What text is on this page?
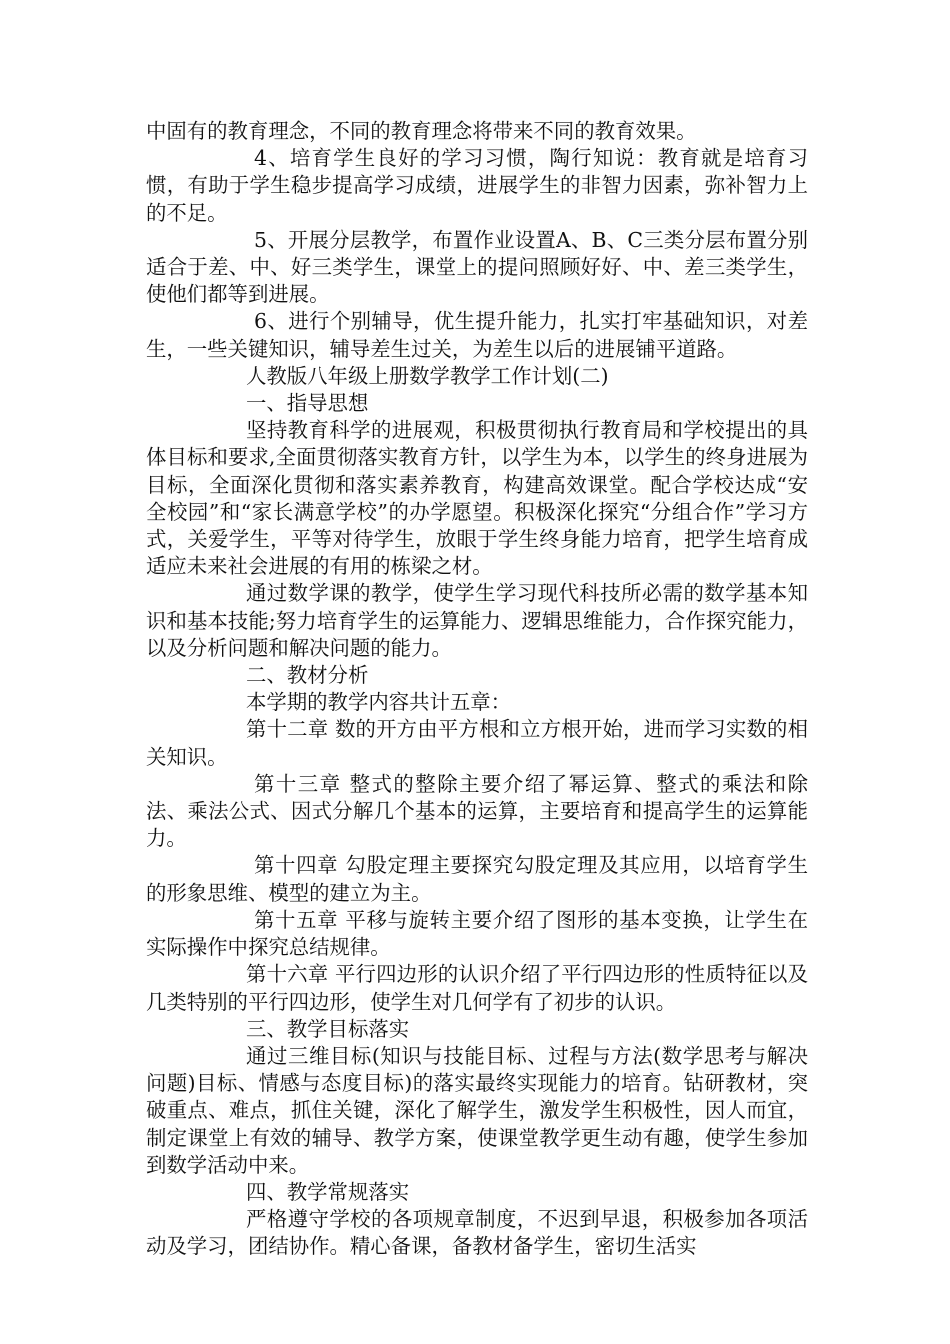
中固有的教育理念，不同的教育理念将带来不同的教育效果。

4、培育学生良好的学习习惯，陶行知说：教育就是培育习惯，有助于学生稳步提高学习成绩，进展学生的非智力因素，弥补智力上的不足。

5、开展分层教学，布置作业设置A、B、C三类分层布置分别适合于差、中、好三类学生，课堂上的提问照顾好好、中、差三类学生，使他们都等到进展。

6、进行个别辅导，优生提升能力，扎实打牢基础知识，对差生，一些关键知识，辅导差生过关，为差生以后的进展铺平道路。

人教版八年级上册数学教学工作计划(二)

一、指导思想

坚持教育科学的进展观，积极贯彻执行教育局和学校提出的具体目标和要求,全面贯彻落实教育方针，以学生为本，以学生的终身进展为目标，全面深化贯彻和落实素养教育，构建高效课堂。配合学校达成“安全校园”和“家长满意学校”的办学愿望。积极深化探究“分组合作”学习方式，关爱学生，平等对待学生，放眼于学生终身能力培育，把学生培育成适应未来社会进展的有用的栋梁之材。

通过数学课的教学，使学生学习现代科技所必需的数学基本知识和基本技能;努力培育学生的运算能力、逻辑思维能力，合作探究能力，以及分析问题和解决问题的能力。

二、教材分析

本学期的教学内容共计五章：

第十二章 数的开方由平方根和立方根开始，进而学习实数的相关知识。

第十三章 整式的整除主要介绍了幂运算、整式的乘法和除法、乘法公式、因式分解几个基本的运算，主要培育和提高学生的运算能力。

第十四章 勾股定理主要探究勾股定理及其应用，以培育学生的形象思维、模型的建立为主。

第十五章 平移与旋转主要介绍了图形的基本变换，让学生在实际操作中探究总结规律。

第十六章 平行四边形的认识介绍了平行四边形的性质特征以及几类特别的平行四边形，使学生对几何学有了初步的认识。

三、教学目标落实

通过三维目标(知识与技能目标、过程与方法(数学思考与解决问题)目标、情感与态度目标)的落实最终实现能力的培育。钻研教材，突破重点、难点，抓住关键，深化了解学生，激发学生积极性，因人而宜，制定课堂上有效的辅导、教学方案，使课堂教学更生动有趣，使学生参加到数学活动中来。

四、教学常规落实

严格遵守学校的各项规章制度，不迟到早退，积极参加各项活动及学习，团结协作。精心备课，备教材备学生，密切生活实
